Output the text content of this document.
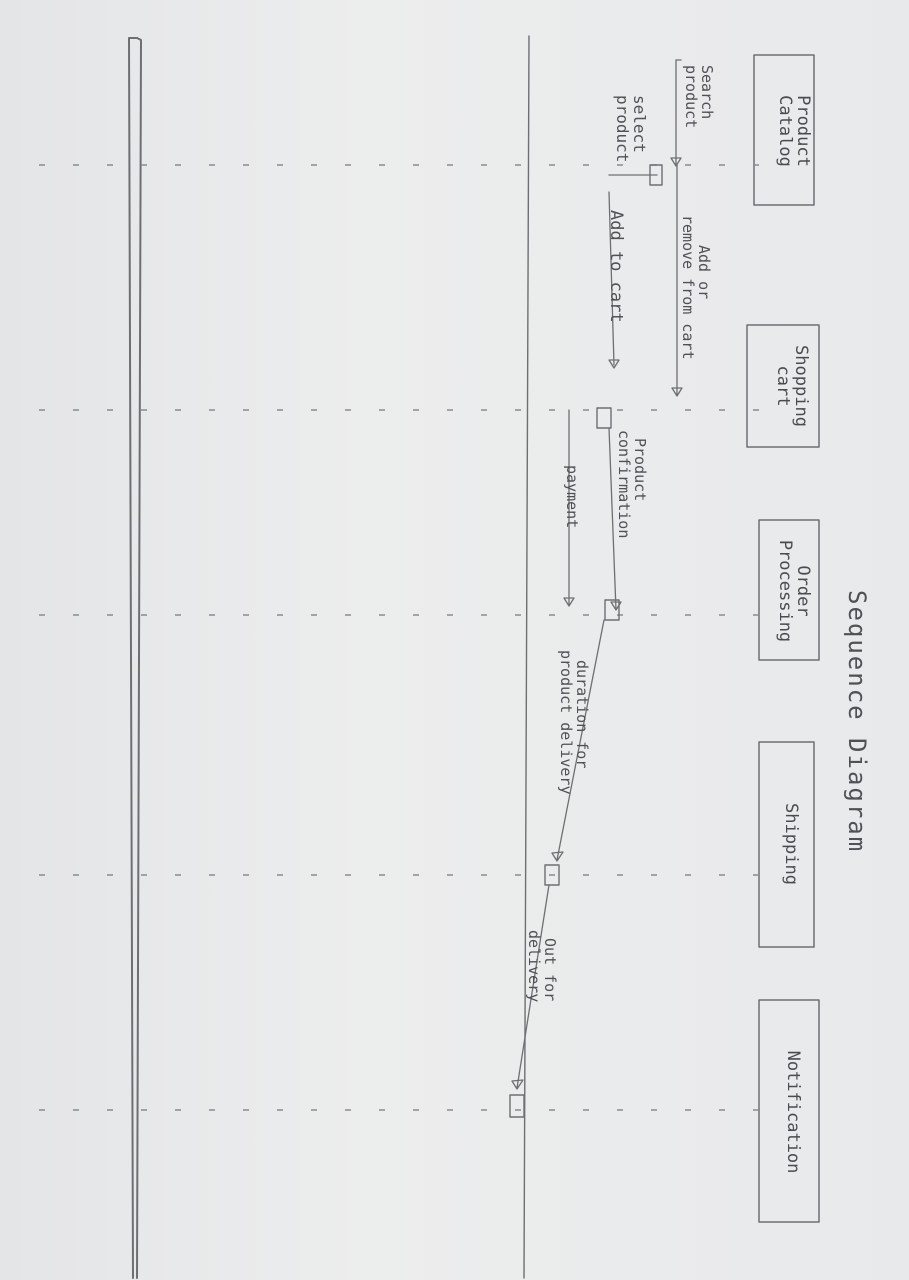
Sequence Diagram
Product
Catalog
Shopping
cart
Order
Processing
Shipping
Notification
Search
product
select
product
Add or
remove from cart
Add to cart
Product
confirmation
payment
duration for
product delivery
Out for
delivery
